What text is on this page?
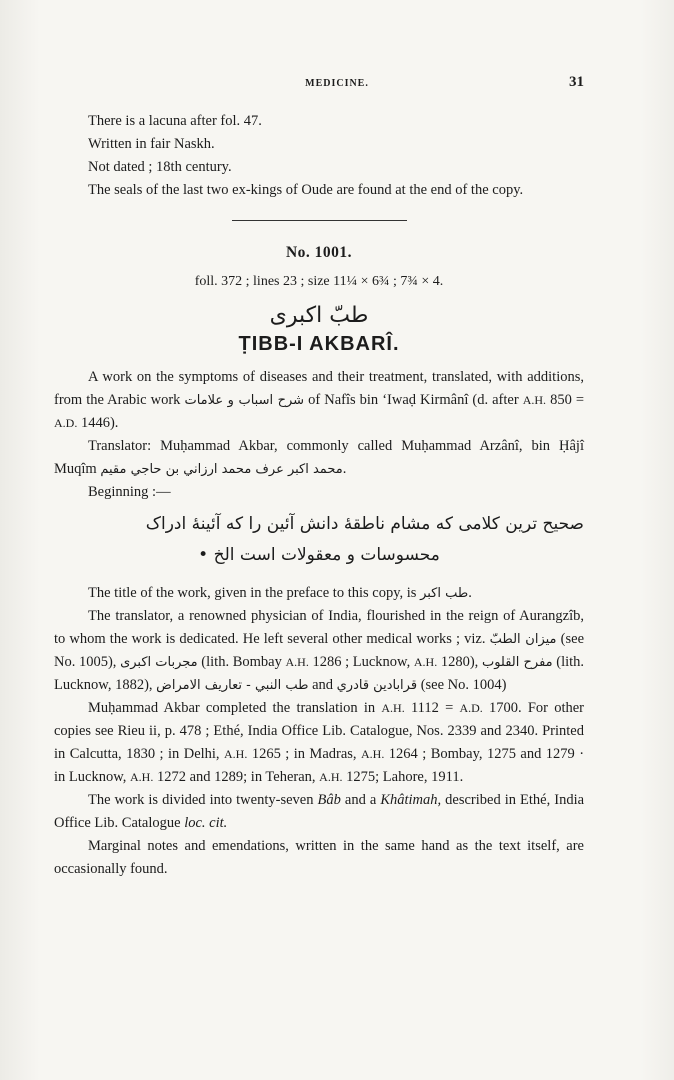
MEDICINE.	31

There is a lacuna after fol. 47.

Written in fair Naskh.

Not dated ; 18th century.

The seals of the last two ex-kings of Oude are found at the end of the copy.

No. 1001.
foll. 372 ; lines 23 ; size 11¼ × 6¾ ; 7¾ × 4.
طبّ اکبری
ṬIBB-I AKBARÎ.

A work on the symptoms of diseases and their treatment, translated, with additions, from the Arabic work شرح اسباب و علامات of Nafîs bin ʻIwaḍ Kirmânî (d. after A.H. 850 = A.D. 1446).

Translator: Muḥammad Akbar, commonly called Muḥammad Arzânî, bin Ḥâjî Muqîm محمد اکبر عرف محمد ارزاني بن حاجي مقيم.

Beginning :—

صحیح ترین کلامی که مشام ناطقهٔ دانش آئین را که آئینهٔ ادراک
محسوسات و معقولات است الخ ‌•

The title of the work, given in the preface to this copy, is طب اکبر.

The translator, a renowned physician of India, flourished in the reign of Aurangzîb, to whom the work is dedicated. He left several other medical works ; viz. ميزان الطبّ (see No. 1005), مجربات اکبری (lith. Bombay A.H. 1286 ; Lucknow, A.H. 1280), مفرح القلوب (lith. Lucknow, 1882), طب النبي - تعاريف الامراض and قرابادين قادري (see No. 1004)

Muḥammad Akbar completed the translation in A.H. 1112 = A.D. 1700. For other copies see Rieu ii, p. 478 ; Ethé, India Office Lib. Catalogue, Nos. 2339 and 2340. Printed in Calcutta, 1830 ; in Delhi, A.H. 1265 ; in Madras, A.H. 1264 ; Bombay, 1275 and 1279 · in Lucknow, A.H. 1272 and 1289; in Teheran, A.H. 1275; Lahore, 1911.

The work is divided into twenty-seven Bâb and a Khâtimah, described in Ethé, India Office Lib. Catalogue loc. cit.

Marginal notes and emendations, written in the same hand as the text itself, are occasionally found.
